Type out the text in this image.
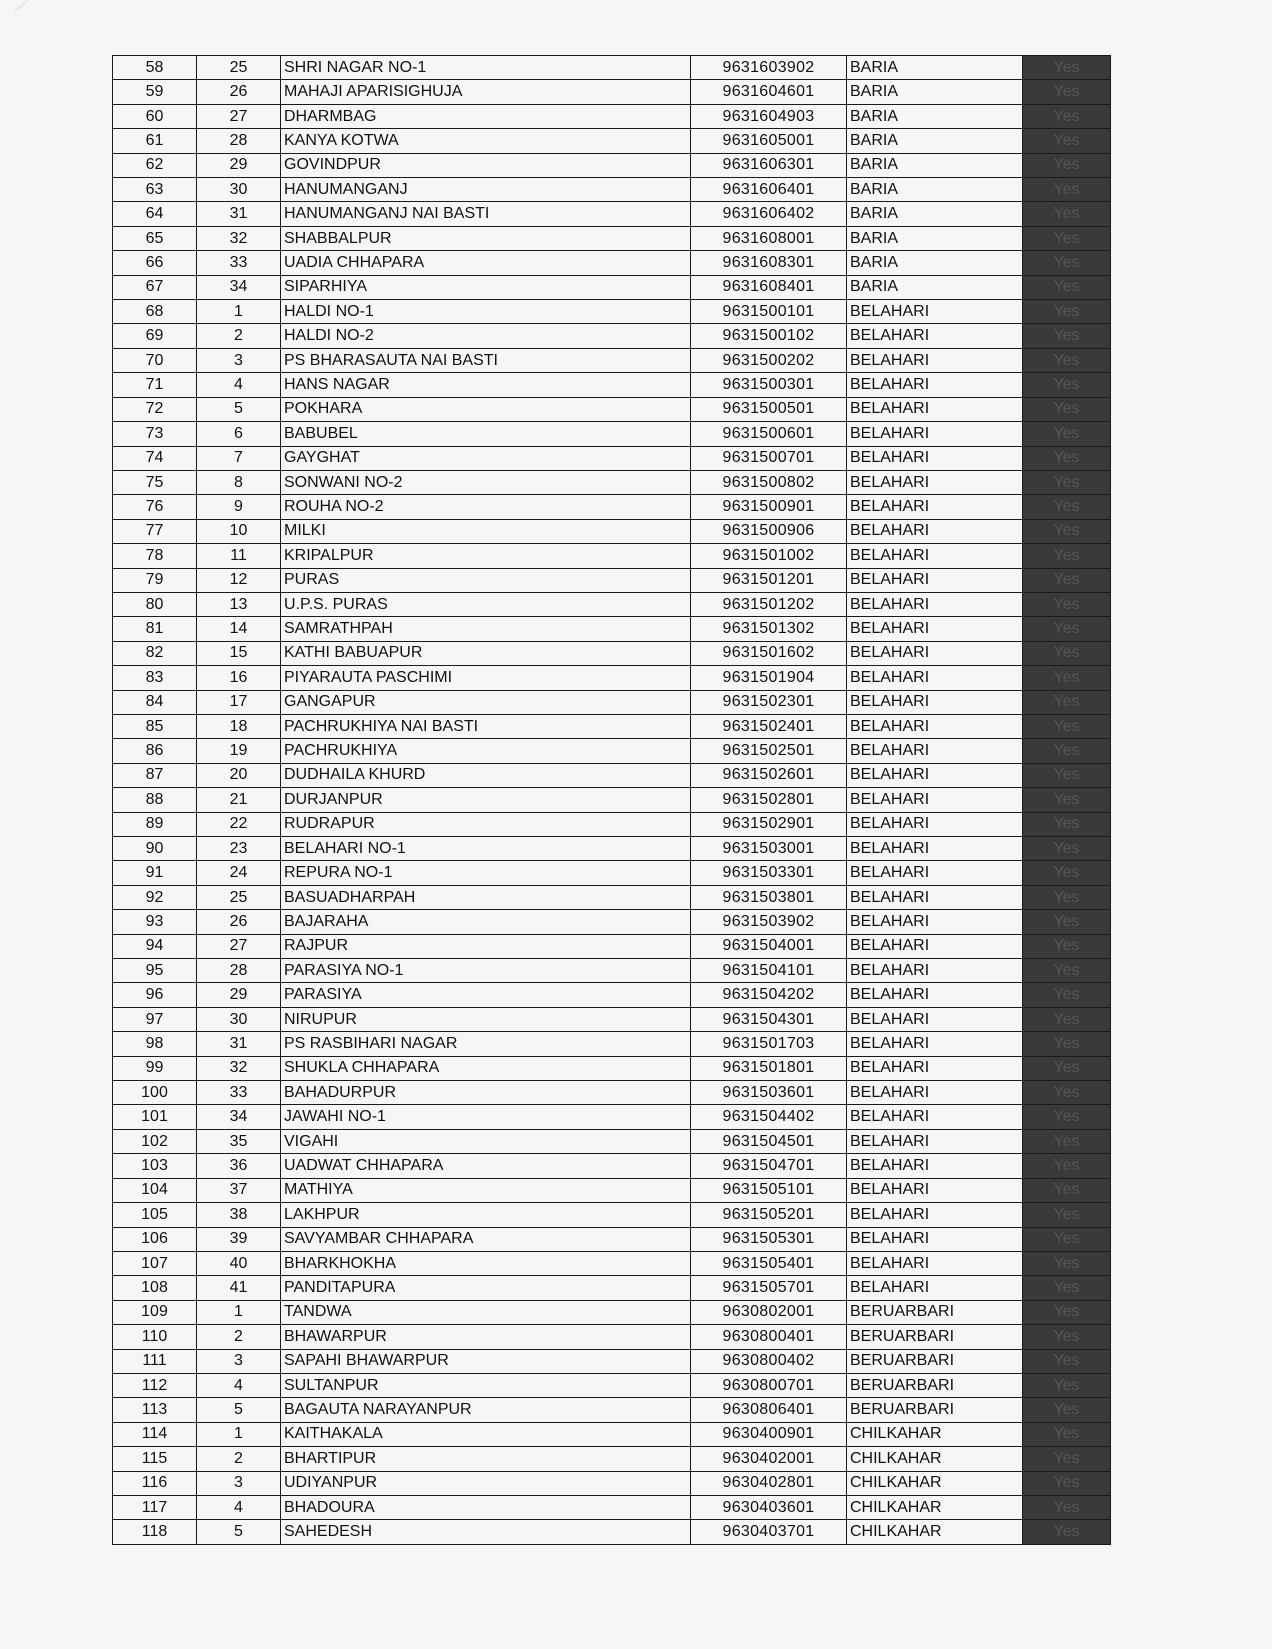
58	25	SHRI NAGAR NO-1	9631603902	BARIA	Yes
59	26	MAHAJI APARISIGHUJA	9631604601	BARIA	Yes
60	27	DHARMBAG	9631604903	BARIA	Yes
61	28	KANYA KOTWA	9631605001	BARIA	Yes
62	29	GOVINDPUR	9631606301	BARIA	Yes
63	30	HANUMANGANJ	9631606401	BARIA	Yes
64	31	HANUMANGANJ NAI BASTI	9631606402	BARIA	Yes
65	32	SHABBALPUR	9631608001	BARIA	Yes
66	33	UADIA CHHAPARA	9631608301	BARIA	Yes
67	34	SIPARHIYA	9631608401	BARIA	Yes
68	1	HALDI NO-1	9631500101	BELAHARI	Yes
69	2	HALDI NO-2	9631500102	BELAHARI	Yes
70	3	PS BHARASAUTA NAI BASTI	9631500202	BELAHARI	Yes
71	4	HANS NAGAR	9631500301	BELAHARI	Yes
72	5	POKHARA	9631500501	BELAHARI	Yes
73	6	BABUBEL	9631500601	BELAHARI	Yes
74	7	GAYGHAT	9631500701	BELAHARI	Yes
75	8	SONWANI NO-2	9631500802	BELAHARI	Yes
76	9	ROUHA NO-2	9631500901	BELAHARI	Yes
77	10	MILKI	9631500906	BELAHARI	Yes
78	11	KRIPALPUR	9631501002	BELAHARI	Yes
79	12	PURAS	9631501201	BELAHARI	Yes
80	13	U.P.S. PURAS	9631501202	BELAHARI	Yes
81	14	SAMRATHPAH	9631501302	BELAHARI	Yes
82	15	KATHI BABUAPUR	9631501602	BELAHARI	Yes
83	16	PIYARAUTA PASCHIMI	9631501904	BELAHARI	Yes
84	17	GANGAPUR	9631502301	BELAHARI	Yes
85	18	PACHRUKHIYA NAI BASTI	9631502401	BELAHARI	Yes
86	19	PACHRUKHIYA	9631502501	BELAHARI	Yes
87	20	DUDHAILA KHURD	9631502601	BELAHARI	Yes
88	21	DURJANPUR	9631502801	BELAHARI	Yes
89	22	RUDRAPUR	9631502901	BELAHARI	Yes
90	23	BELAHARI NO-1	9631503001	BELAHARI	Yes
91	24	REPURA NO-1	9631503301	BELAHARI	Yes
92	25	BASUADHARPAH	9631503801	BELAHARI	Yes
93	26	BAJARAHA	9631503902	BELAHARI	Yes
94	27	RAJPUR	9631504001	BELAHARI	Yes
95	28	PARASIYA NO-1	9631504101	BELAHARI	Yes
96	29	PARASIYA	9631504202	BELAHARI	Yes
97	30	NIRUPUR	9631504301	BELAHARI	Yes
98	31	PS RASBIHARI NAGAR	9631501703	BELAHARI	Yes
99	32	SHUKLA CHHAPARA	9631501801	BELAHARI	Yes
100	33	BAHADURPUR	9631503601	BELAHARI	Yes
101	34	JAWAHI NO-1	9631504402	BELAHARI	Yes
102	35	VIGAHI	9631504501	BELAHARI	Yes
103	36	UADWAT CHHAPARA	9631504701	BELAHARI	Yes
104	37	MATHIYA	9631505101	BELAHARI	Yes
105	38	LAKHPUR	9631505201	BELAHARI	Yes
106	39	SAVYAMBAR CHHAPARA	9631505301	BELAHARI	Yes
107	40	BHARKHOKHA	9631505401	BELAHARI	Yes
108	41	PANDITAPURA	9631505701	BELAHARI	Yes
109	1	TANDWA	9630802001	BERUARBARI	Yes
110	2	BHAWARPUR	9630800401	BERUARBARI	Yes
111	3	SAPAHI BHAWARPUR	9630800402	BERUARBARI	Yes
112	4	SULTANPUR	9630800701	BERUARBARI	Yes
113	5	BAGAUTA NARAYANPUR	9630806401	BERUARBARI	Yes
114	1	KAITHAKALA	9630400901	CHILKAHAR	Yes
115	2	BHARTIPUR	9630402001	CHILKAHAR	Yes
116	3	UDIYANPUR	9630402801	CHILKAHAR	Yes
117	4	BHADOURA	9630403601	CHILKAHAR	Yes
118	5	SAHEDESH	9630403701	CHILKAHAR	Yes
